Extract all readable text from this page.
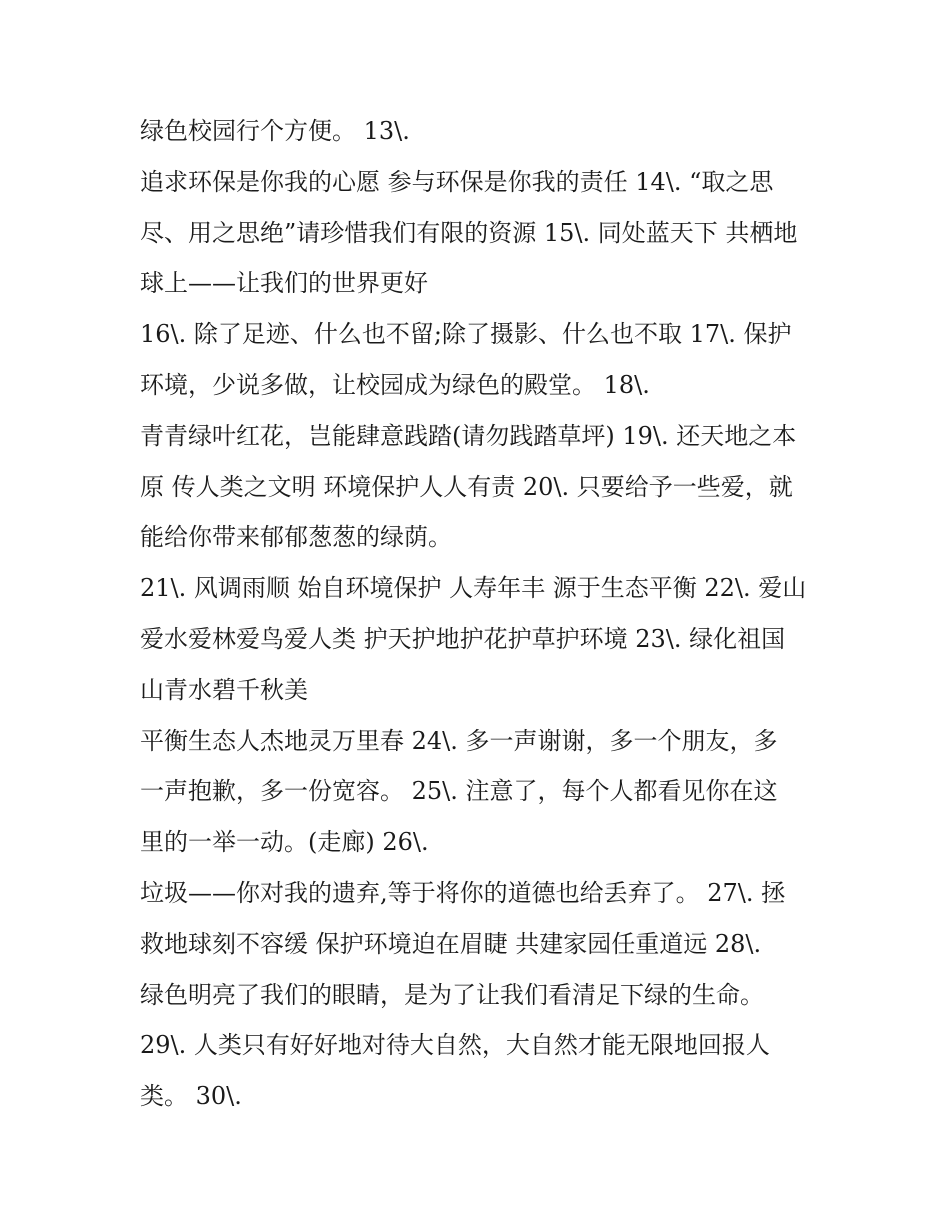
绿色校园行个方便。 13\.
追求环保是你我的心愿 参与环保是你我的责任 14\. “取之思
尽、用之思绝”请珍惜我们有限的资源 15\. 同处蓝天下 共栖地
球上——让我们的世界更好
16\. 除了足迹、什么也不留;除了摄影、什么也不取 17\. 保护
环境，少说多做，让校园成为绿色的殿堂。 18\.
青青绿叶红花，岂能肆意践踏(请勿践踏草坪) 19\. 还天地之本
原 传人类之文明 环境保护人人有责 20\. 只要给予一些爱，就
能给你带来郁郁葱葱的绿荫。
21\. 风调雨顺 始自环境保护 人寿年丰 源于生态平衡 22\. 爱山
爱水爱林爱鸟爱人类 护天护地护花护草护环境 23\. 绿化祖国
山青水碧千秋美
平衡生态人杰地灵万里春 24\. 多一声谢谢，多一个朋友，多
一声抱歉，多一份宽容。 25\. 注意了，每个人都看见你在这
里的一举一动。(走廊) 26\.
垃圾——你对我的遗弃,等于将你的道德也给丢弃了。 27\. 拯
救地球刻不容缓 保护环境迫在眉睫 共建家园任重道远 28\.
绿色明亮了我们的眼睛，是为了让我们看清足下绿的生命。
29\. 人类只有好好地对待大自然，大自然才能无限地回报人
类。 30\.
